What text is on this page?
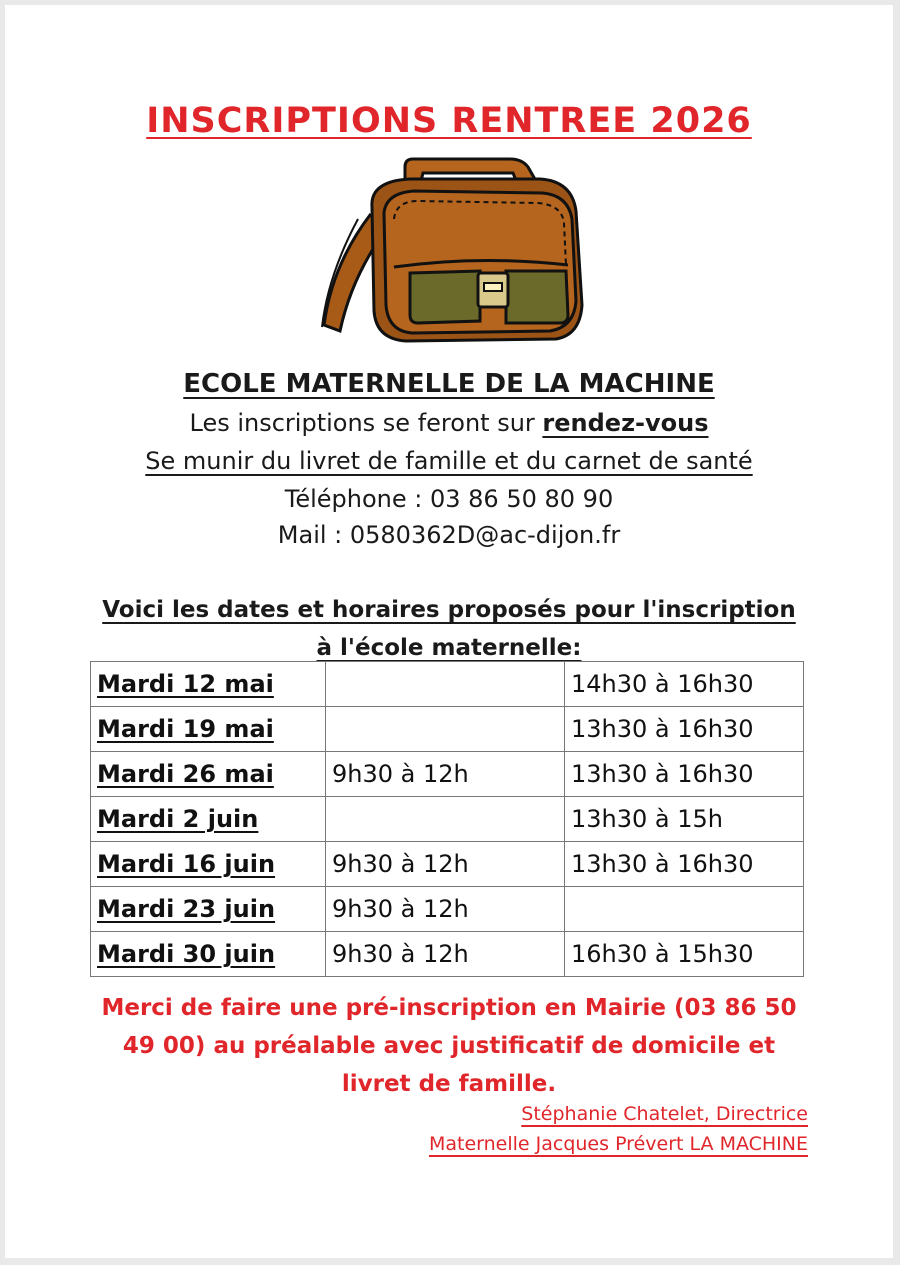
INSCRIPTIONS RENTREE 2026
ECOLE MATERNELLE DE LA MACHINE
Les inscriptions se feront sur rendez-vous
Se munir du livret de famille et du carnet de santé
Téléphone : 03 86 50 80 90
Mail : 0580362D@ac-dijon.fr
Voici les dates et horaires proposés pour l'inscription
à l'école maternelle:
Mardi 12 mai		14h30 à 16h30
Mardi 19 mai		13h30 à 16h30
Mardi 26 mai	9h30 à 12h	13h30 à 16h30
Mardi 2 juin		13h30 à 15h
Mardi 16 juin	9h30 à 12h	13h30 à 16h30
Mardi 23 juin	9h30 à 12h	
Mardi 30 juin	9h30 à 12h	16h30 à 15h30
Merci de faire une pré-inscription en Mairie (03 86 50 49 00) au préalable avec justificatif de domicile et livret de famille.
Stéphanie Chatelet, Directrice
Maternelle Jacques Prévert LA MACHINE
